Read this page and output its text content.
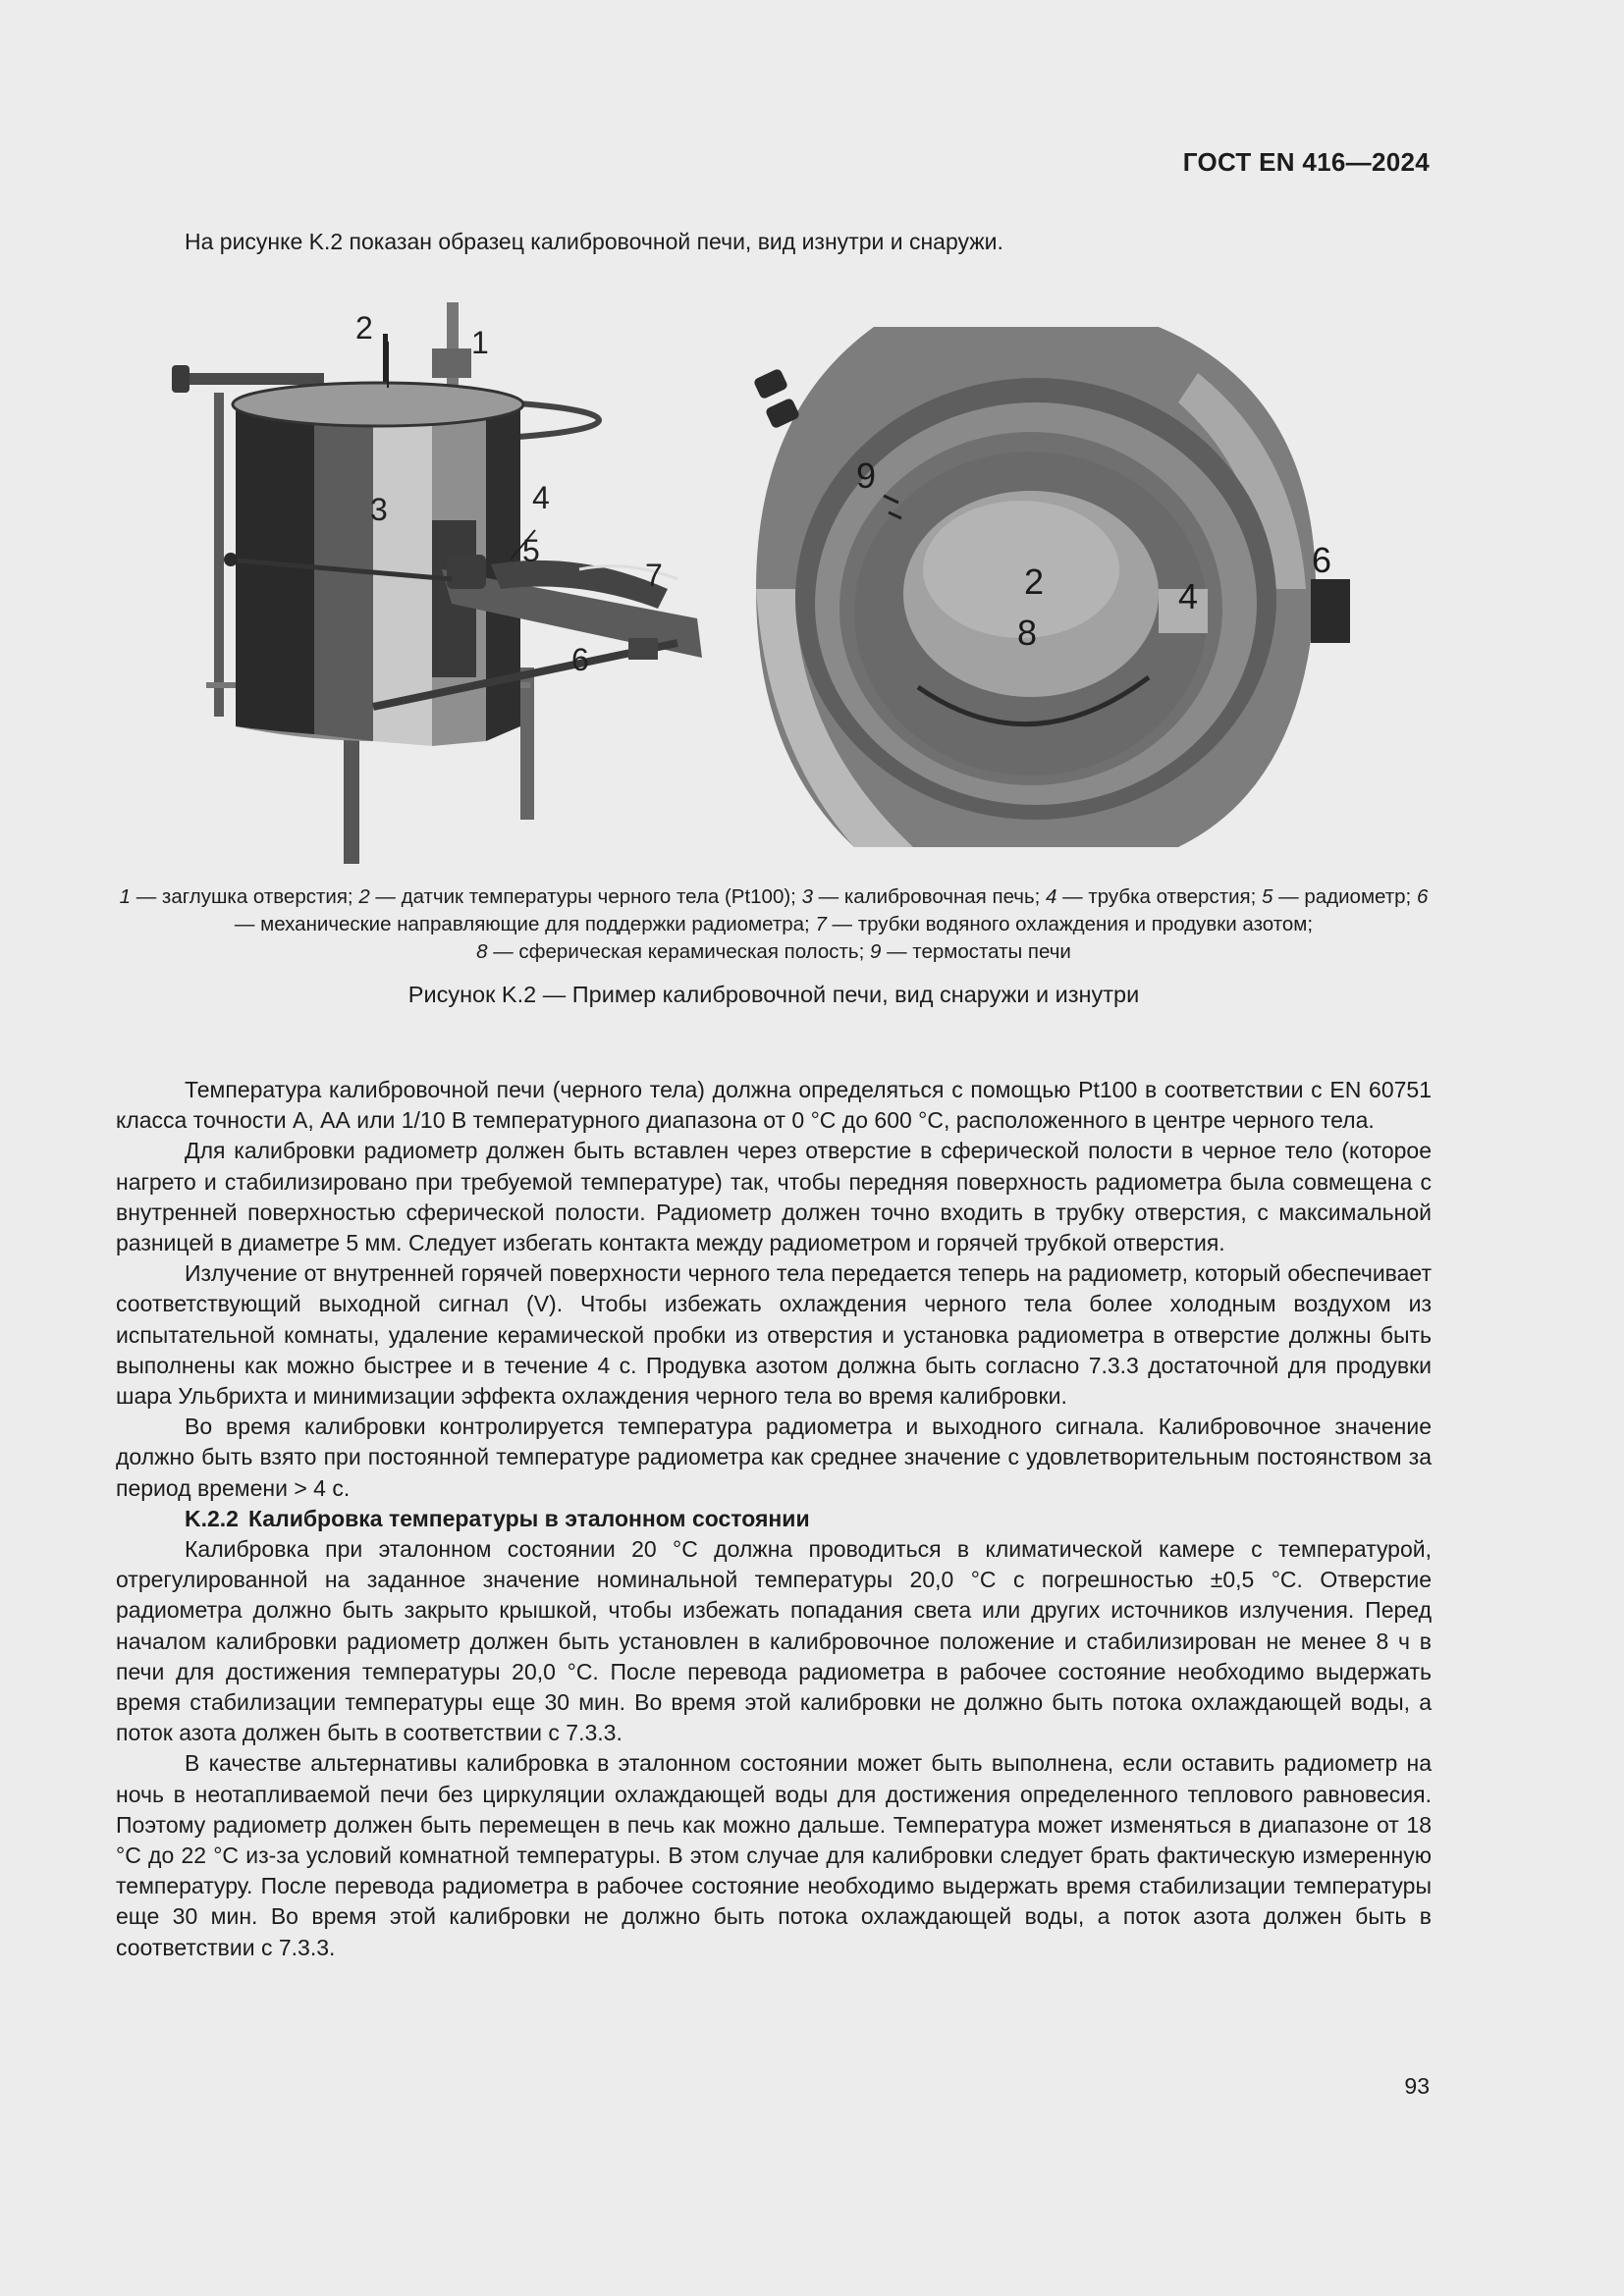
ГОСТ EN 416—2024
На рисунке K.2 показан образец калибровочной печи, вид изнутри и снаружи.
1
2
3	4
5
6
7	2	4
6
8
9
1 — заглушка отверстия; 2 — датчик температуры черного тела (Pt100); 3 — калибровочная печь; 4 — трубка отверстия; 5 — радиометр; 6 — механические направляющие для поддержки радиометра; 7 — трубки водяного охлаждения и продувки азотом;
8 — сферическая керамическая полость; 9 — термостаты печи
Рисунок K.2 — Пример калибровочной печи, вид снаружи и изнутри

Температура калибровочной печи (черного тела) должна определяться с помощью Pt100 в соответствии с EN 60751 класса точности А, АА или 1/10 В температурного диапазона от 0 °С до 600 °С, расположенного в центре черного тела.

Для калибровки радиометр должен быть вставлен через отверстие в сферической полости в черное тело (которое нагрето и стабилизировано при требуемой температуре) так, чтобы передняя поверхность радиометра была совмещена с внутренней поверхностью сферической полости. Радиометр должен точно входить в трубку отверстия, с максимальной разницей в диаметре 5 мм. Следует избегать контакта между радиометром и горячей трубкой отверстия.

Излучение от внутренней горячей поверхности черного тела передается теперь на радиометр, который обеспечивает соответствующий выходной сигнал (V). Чтобы избежать охлаждения черного тела более холодным воздухом из испытательной комнаты, удаление керамической пробки из отверстия и установка радиометра в отверстие должны быть выполнены как можно быстрее и в течение 4 с. Продувка азотом должна быть согласно 7.3.3 достаточной для продувки шара Ульбрихта и минимизации эффекта охлаждения черного тела во время калибровки.

Во время калибровки контролируется температура радиометра и выходного сигнала. Калибровочное значение должно быть взято при постоянной температуре радиометра как среднее значение с удовлетворительным постоянством за период времени > 4 с.

K.2.2 Калибровка температуры в эталонном состоянии

Калибровка при эталонном состоянии 20 °С должна проводиться в климатической камере с температурой, отрегулированной на заданное значение номинальной температуры 20,0 °С с погрешностью ±0,5 °С. Отверстие радиометра должно быть закрыто крышкой, чтобы избежать попадания света или других источников излучения. Перед началом калибровки радиометр должен быть установлен в калибровочное положение и стабилизирован не менее 8 ч в печи для достижения температуры 20,0 °С. После перевода радиометра в рабочее состояние необходимо выдержать время стабилизации температуры еще 30 мин. Во время этой калибровки не должно быть потока охлаждающей воды, а поток азота должен быть в соответствии с 7.3.3.

В качестве альтернативы калибровка в эталонном состоянии может быть выполнена, если оставить радиометр на ночь в неотапливаемой печи без циркуляции охлаждающей воды для достижения определенного теплового равновесия. Поэтому радиометр должен быть перемещен в печь как можно дальше. Температура может изменяться в диапазоне от 18 °С до 22 °С из-за условий комнатной температуры. В этом случае для калибровки следует брать фактическую измеренную температуру. После перевода радиометра в рабочее состояние необходимо выдержать время стабилизации температуры еще 30 мин. Во время этой калибровки не должно быть потока охлаждающей воды, а поток азота должен быть в соответствии с 7.3.3.

93
